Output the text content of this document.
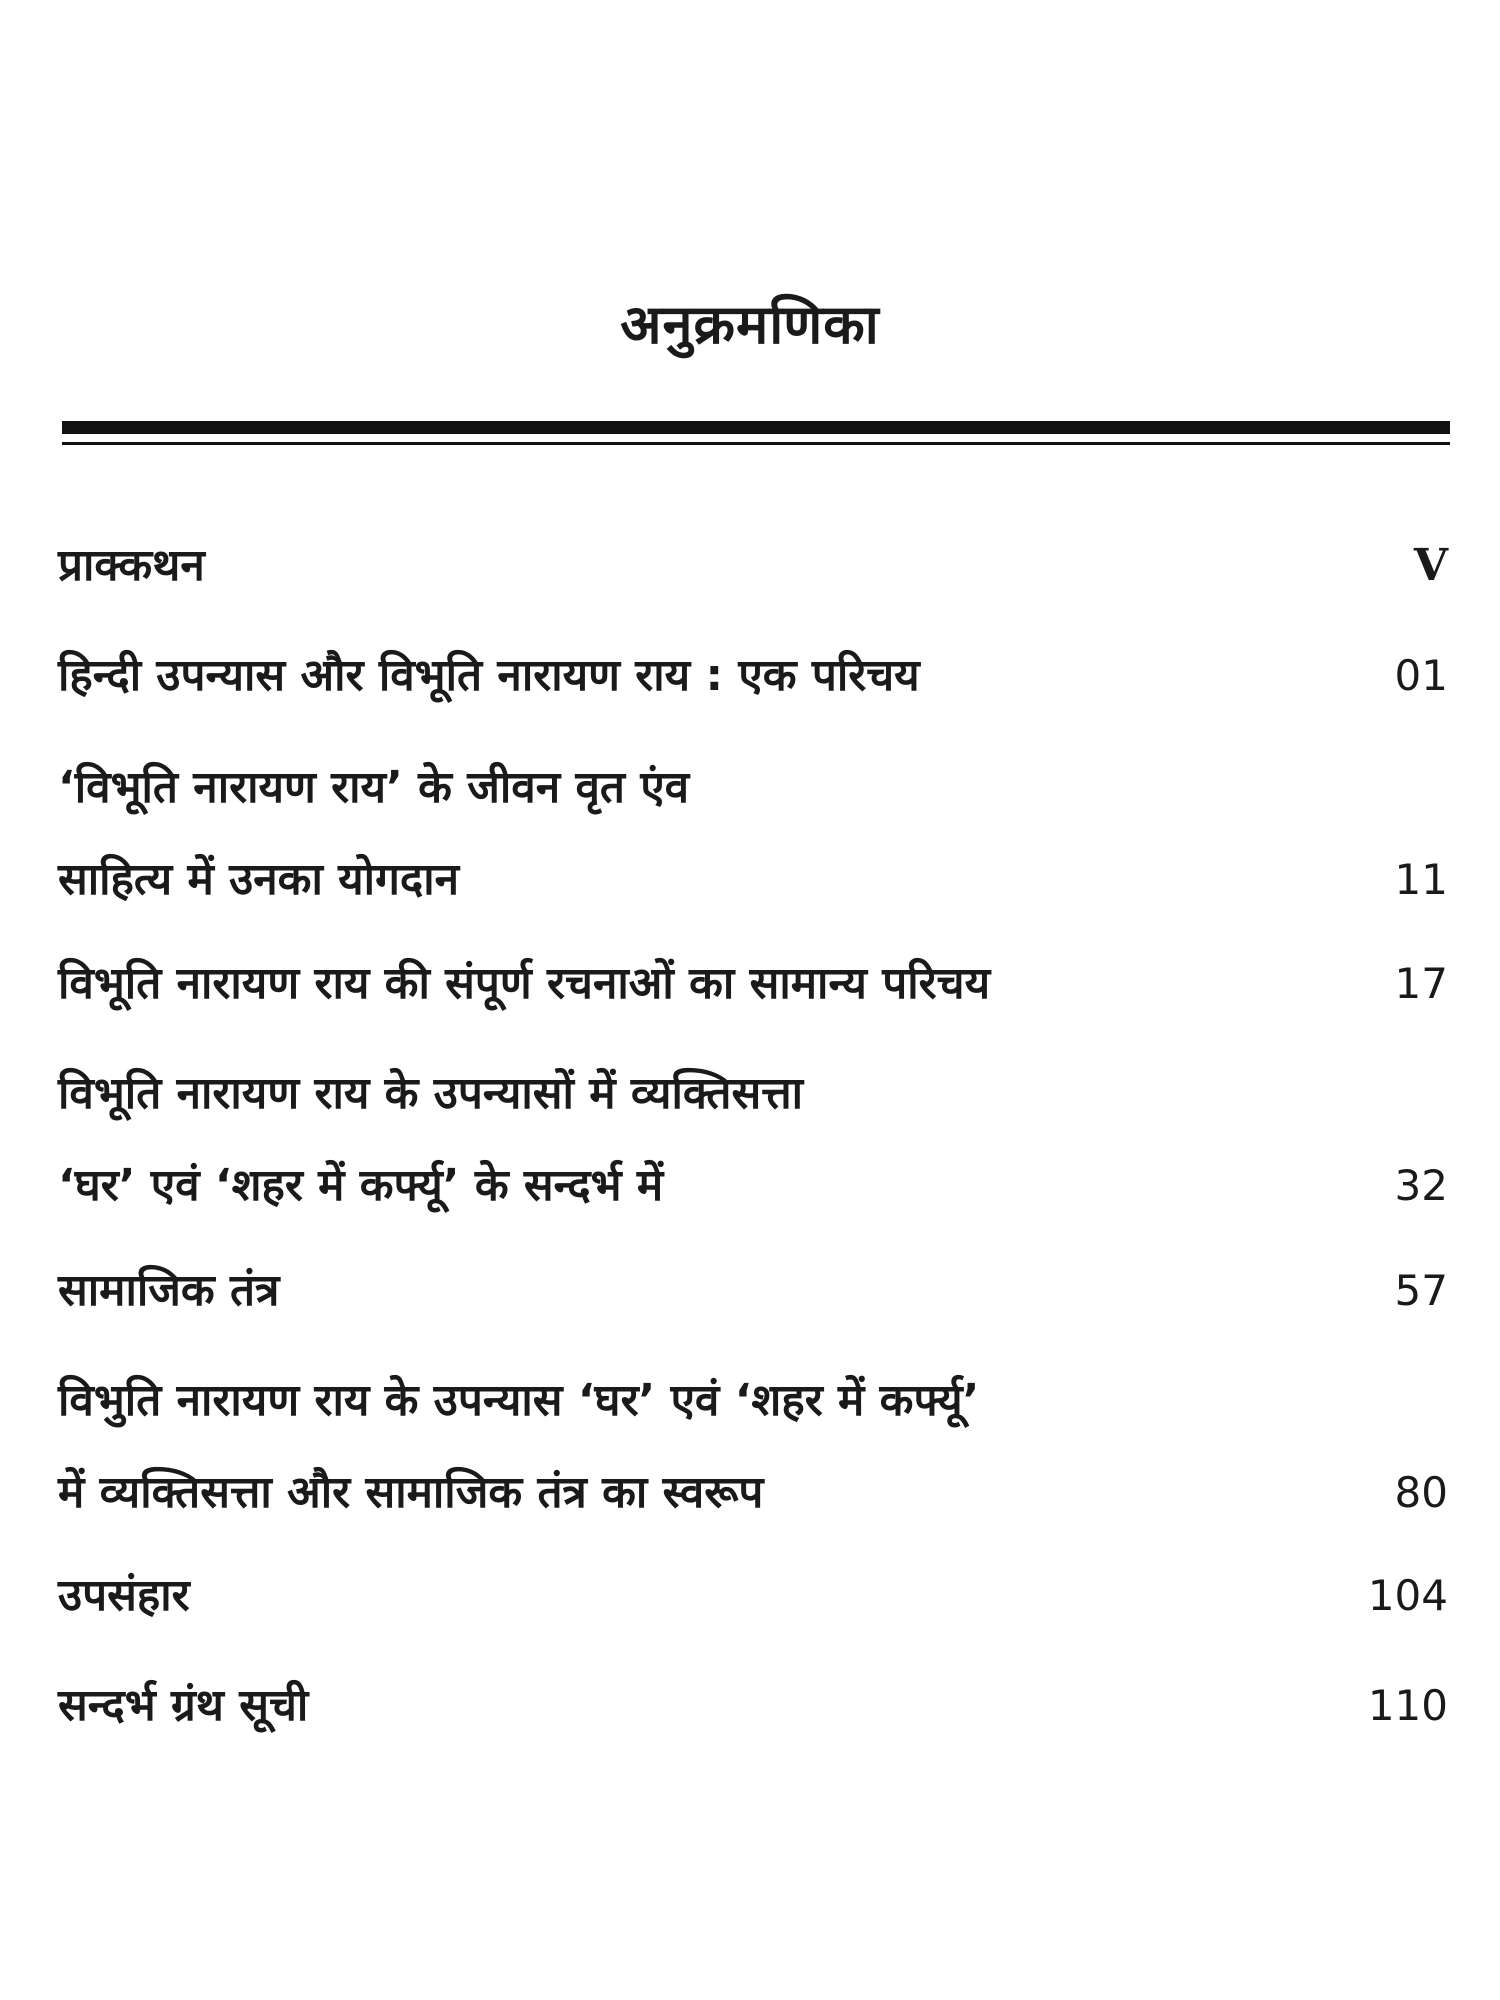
अनुक्रमणिका
प्राक्कथन	V
हिन्दी उपन्यास और विभूति नारायण राय : एक परिचय	01
‘विभूति नारायण राय’ के जीवन वृत एंव
साहित्य में उनका योगदान	11
विभूति नारायण राय की संपूर्ण रचनाओं का सामान्य परिचय	17
विभूति नारायण राय के उपन्यासों में व्यक्तिसत्ता
‘घर’ एवं ‘शहर में कर्फ्यू’ के सन्दर्भ में	32
सामाजिक तंत्र	57
विभुति नारायण राय के उपन्यास ‘घर’ एवं ‘शहर में कर्फ्यू’
में व्यक्तिसत्ता और सामाजिक तंत्र का स्वरूप	80
उपसंहार	104
सन्दर्भ ग्रंथ सूची	110
